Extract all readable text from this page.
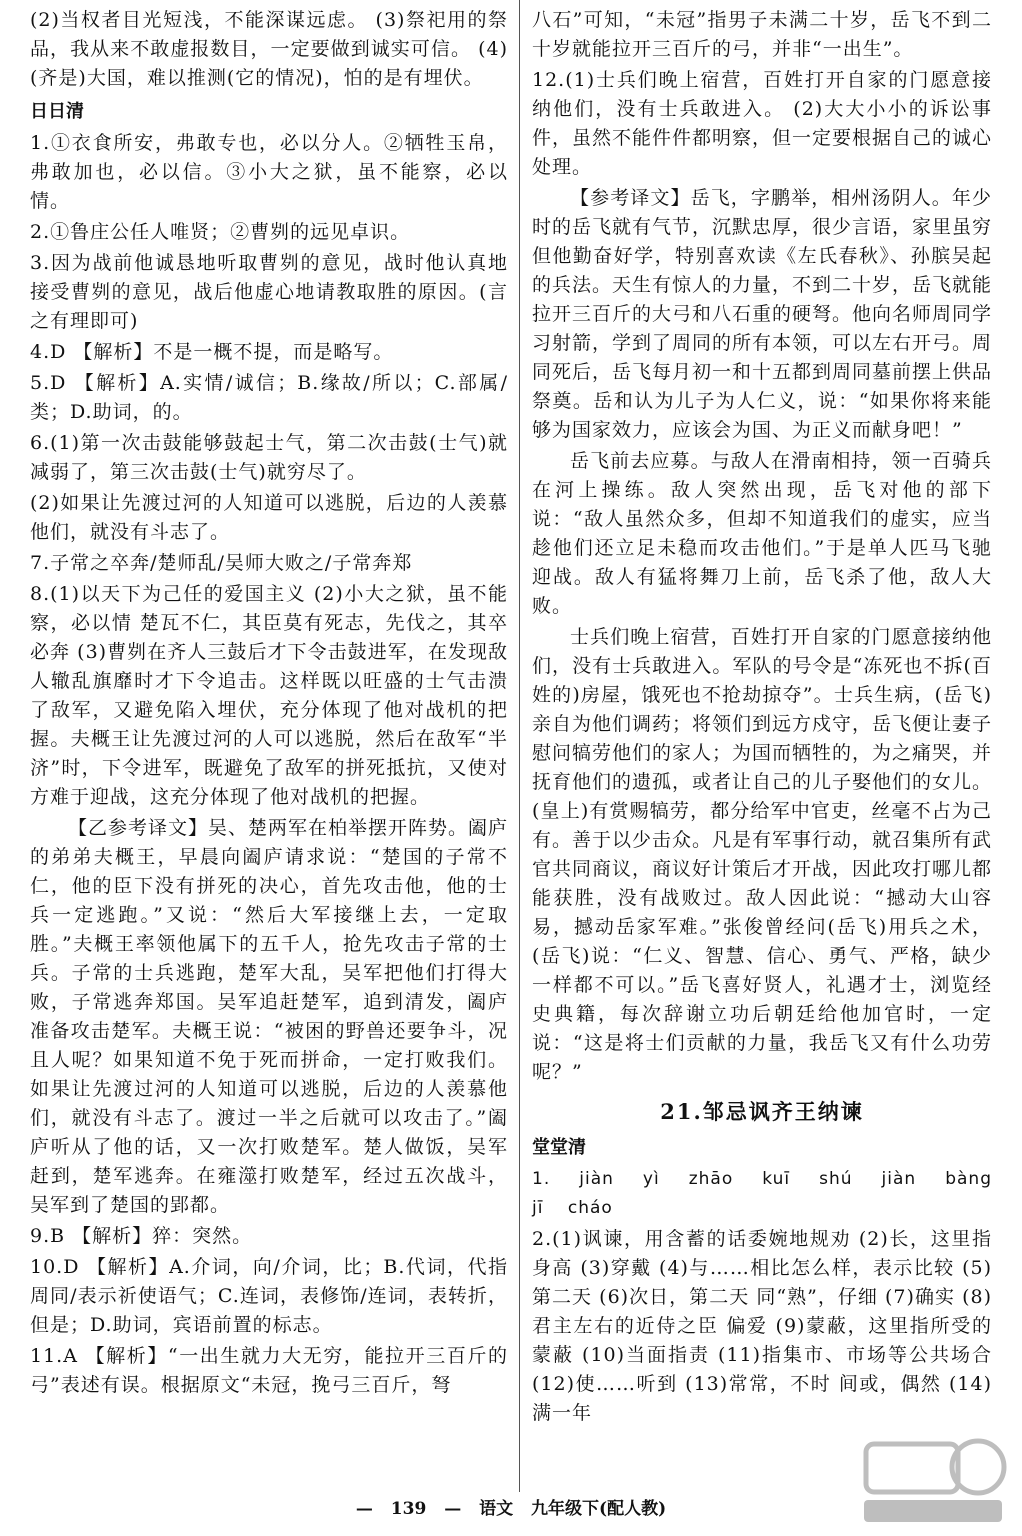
(2)当权者目光短浅，不能深谋远虑。 (3)祭祀用的祭品，我从来不敢虚报数目，一定要做到诚实可信。 (4)(齐是)大国，难以推测(它的情况)，怕的是有埋伏。

日日清

1.①衣食所安，弗敢专也，必以分人。②牺牲玉帛，弗敢加也，必以信。③小大之狱，虽不能察，必以情。

2.①鲁庄公任人唯贤；②曹刿的远见卓识。

3.因为战前他诚恳地听取曹刿的意见，战时他认真地接受曹刿的意见，战后他虚心地请教取胜的原因。(言之有理即可)

4.D 【解析】不是一概不提，而是略写。

5.D 【解析】A.实情/诚信；B.缘故/所以；C.部属/类；D.助词，的。

6.(1)第一次击鼓能够鼓起士气，第二次击鼓(士气)就减弱了，第三次击鼓(士气)就穷尽了。

(2)如果让先渡过河的人知道可以逃脱，后边的人羡慕他们，就没有斗志了。

7.子常之卒奔/楚师乱/吴师大败之/子常奔郑

8.(1)以天下为己任的爱国主义 (2)小大之狱，虽不能察，必以情 楚瓦不仁，其臣莫有死志，先伐之，其卒必奔 (3)曹刿在齐人三鼓后才下令击鼓进军，在发现敌人辙乱旗靡时才下令追击。这样既以旺盛的士气击溃了敌军，又避免陷入埋伏，充分体现了他对战机的把握。夫概王让先渡过河的人可以逃脱，然后在敌军“半济”时，下令进军，既避免了敌军的拼死抵抗，又使对方难于迎战，这充分体现了他对战机的把握。

【乙参考译文】吴、楚两军在柏举摆开阵势。阖庐的弟弟夫概王，早晨向阖庐请求说：“楚国的子常不仁，他的臣下没有拼死的决心，首先攻击他，他的士兵一定逃跑。”又说：“然后大军接继上去，一定取胜。”夫概王率领他属下的五千人，抢先攻击子常的士兵。子常的士兵逃跑，楚军大乱，吴军把他们打得大败，子常逃奔郑国。吴军追赶楚军，追到清发，阖庐准备攻击楚军。夫概王说：“被困的野兽还要争斗，况且人呢？如果知道不免于死而拼命，一定打败我们。如果让先渡过河的人知道可以逃脱，后边的人羡慕他们，就没有斗志了。渡过一半之后就可以攻击了。”阖庐听从了他的话，又一次打败楚军。楚人做饭，吴军赶到，楚军逃奔。在雍澨打败楚军，经过五次战斗，吴军到了楚国的郢都。

9.B 【解析】猝：突然。

10.D 【解析】A.介词，向/介词，比；B.代词，代指周同/表示祈使语气；C.连词，表修饰/连词，表转折，但是；D.助词，宾语前置的标志。

11.A 【解析】“一出生就力大无穷，能拉开三百斤的弓”表述有误。根据原文“未冠，挽弓三百斤，弩

八石”可知，“未冠”指男子未满二十岁，岳飞不到二十岁就能拉开三百斤的弓，并非“一出生”。

12.(1)士兵们晚上宿营，百姓打开自家的门愿意接纳他们，没有士兵敢进入。 (2)大大小小的诉讼事件，虽然不能件件都明察，但一定要根据自己的诚心处理。

【参考译文】岳飞，字鹏举，相州汤阴人。年少时的岳飞就有气节，沉默忠厚，很少言语，家里虽穷但他勤奋好学，特别喜欢读《左氏春秋》、孙膑吴起的兵法。天生有惊人的力量，不到二十岁，岳飞就能拉开三百斤的大弓和八石重的硬弩。他向名师周同学习射箭，学到了周同的所有本领，可以左右开弓。周同死后，岳飞每月初一和十五都到周同墓前摆上供品祭奠。岳和认为儿子为人仁义，说：“如果你将来能够为国家效力，应该会为国、为正义而献身吧！”

岳飞前去应募。与敌人在滑南相持，领一百骑兵在河上操练。敌人突然出现，岳飞对他的部下说：“敌人虽然众多，但却不知道我们的虚实，应当趁他们还立足未稳而攻击他们。”于是单人匹马飞驰迎战。敌人有猛将舞刀上前，岳飞杀了他，敌人大败。

士兵们晚上宿营，百姓打开自家的门愿意接纳他们，没有士兵敢进入。军队的号令是“冻死也不拆(百姓的)房屋，饿死也不抢劫掠夺”。士兵生病，(岳飞)亲自为他们调药；将领们到远方戍守，岳飞便让妻子慰问犒劳他们的家人；为国而牺牲的，为之痛哭，并抚育他们的遗孤，或者让自己的儿子娶他们的女儿。(皇上)有赏赐犒劳，都分给军中官吏，丝毫不占为己有。善于以少击众。凡是有军事行动，就召集所有武官共同商议，商议好计策后才开战，因此攻打哪儿都能获胜，没有战败过。敌人因此说：“撼动大山容易，撼动岳家军难。”张俊曾经问(岳飞)用兵之术，(岳飞)说：“仁义、智慧、信心、勇气、严格，缺少一样都不可以。”岳飞喜好贤人，礼遇才士，浏览经史典籍，每次辞谢立功后朝廷给他加官时，一定说：“这是将士们贡献的力量，我岳飞又有什么功劳呢？”

21.邹忌讽齐王纳谏
堂堂清

1. jiàn yì zhāo kuī shú jiàn bàng jī cháo

2.(1)讽谏，用含蓄的话委婉地规劝 (2)长，这里指身高 (3)穿戴 (4)与……相比怎么样，表示比较 (5)第二天 (6)次日，第二天 同“熟”，仔细 (7)确实 (8)君主左右的近侍之臣 偏爱 (9)蒙蔽，这里指所受的蒙蔽 (10)当面指责 (11)指集市、市场等公共场合 (12)使……听到 (13)常常，不时 间或，偶然 (14)满一年

— 139 — 语文 九年级下(配人教)
